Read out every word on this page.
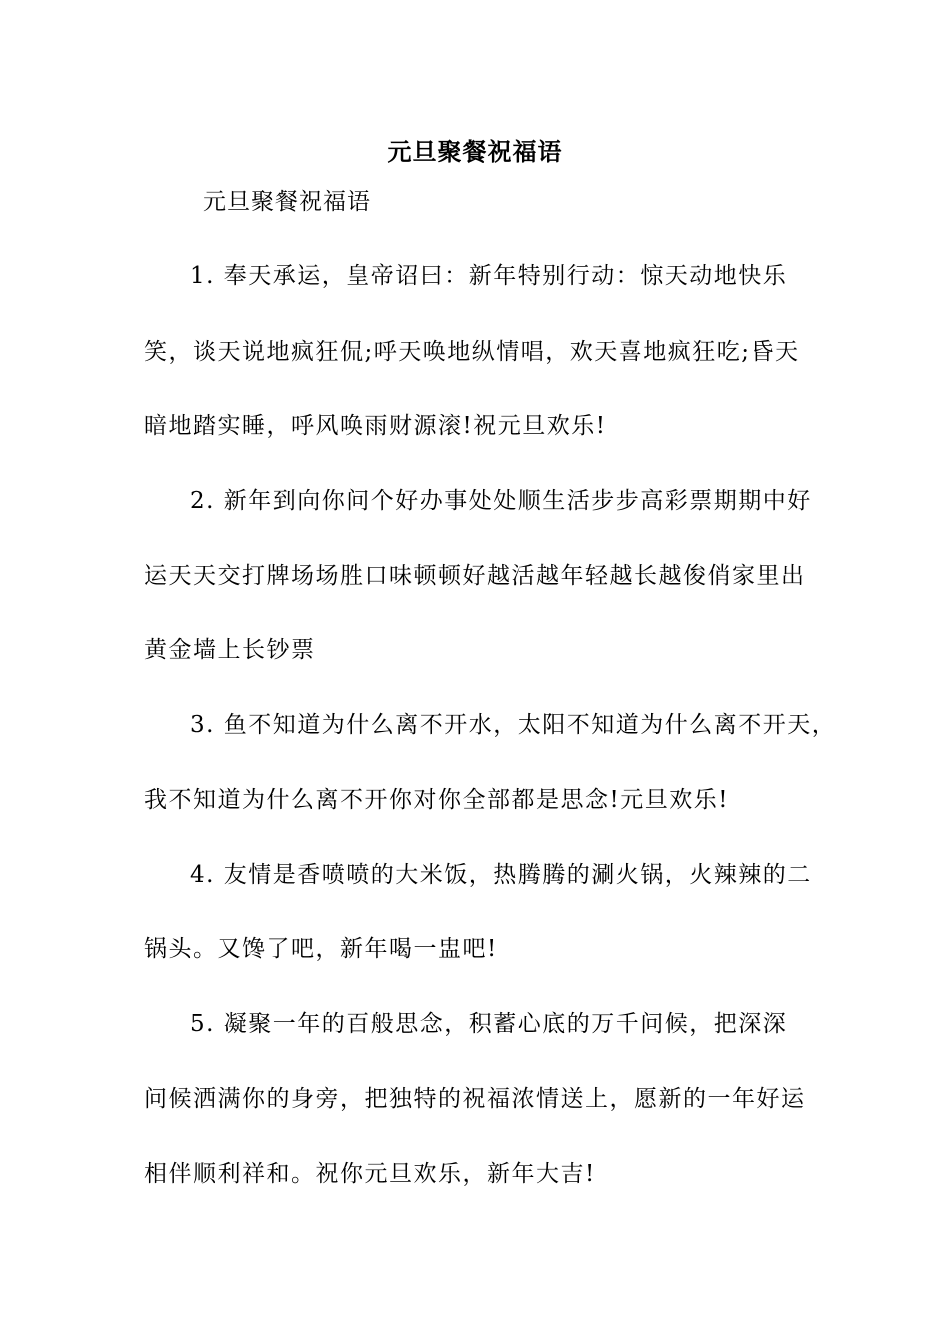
元旦聚餐祝福语
元旦聚餐祝福语
1. 奉天承运，皇帝诏曰：新年特别行动：惊天动地快乐
笑，谈天说地疯狂侃;呼天唤地纵情唱，欢天喜地疯狂吃;昏天
暗地踏实睡，呼风唤雨财源滚!祝元旦欢乐!
2. 新年到向你问个好办事处处顺生活步步高彩票期期中好
运天天交打牌场场胜口味顿顿好越活越年轻越长越俊俏家里出
黄金墙上长钞票
3. 鱼不知道为什么离不开水，太阳不知道为什么离不开天，
我不知道为什么离不开你对你全部都是思念!元旦欢乐!
4. 友情是香喷喷的大米饭，热腾腾的涮火锅，火辣辣的二
锅头。又馋了吧，新年喝一盅吧!
5. 凝聚一年的百般思念，积蓄心底的万千问候，把深深
问候洒满你的身旁，把独特的祝福浓情送上，愿新的一年好运
相伴顺利祥和。祝你元旦欢乐，新年大吉!
